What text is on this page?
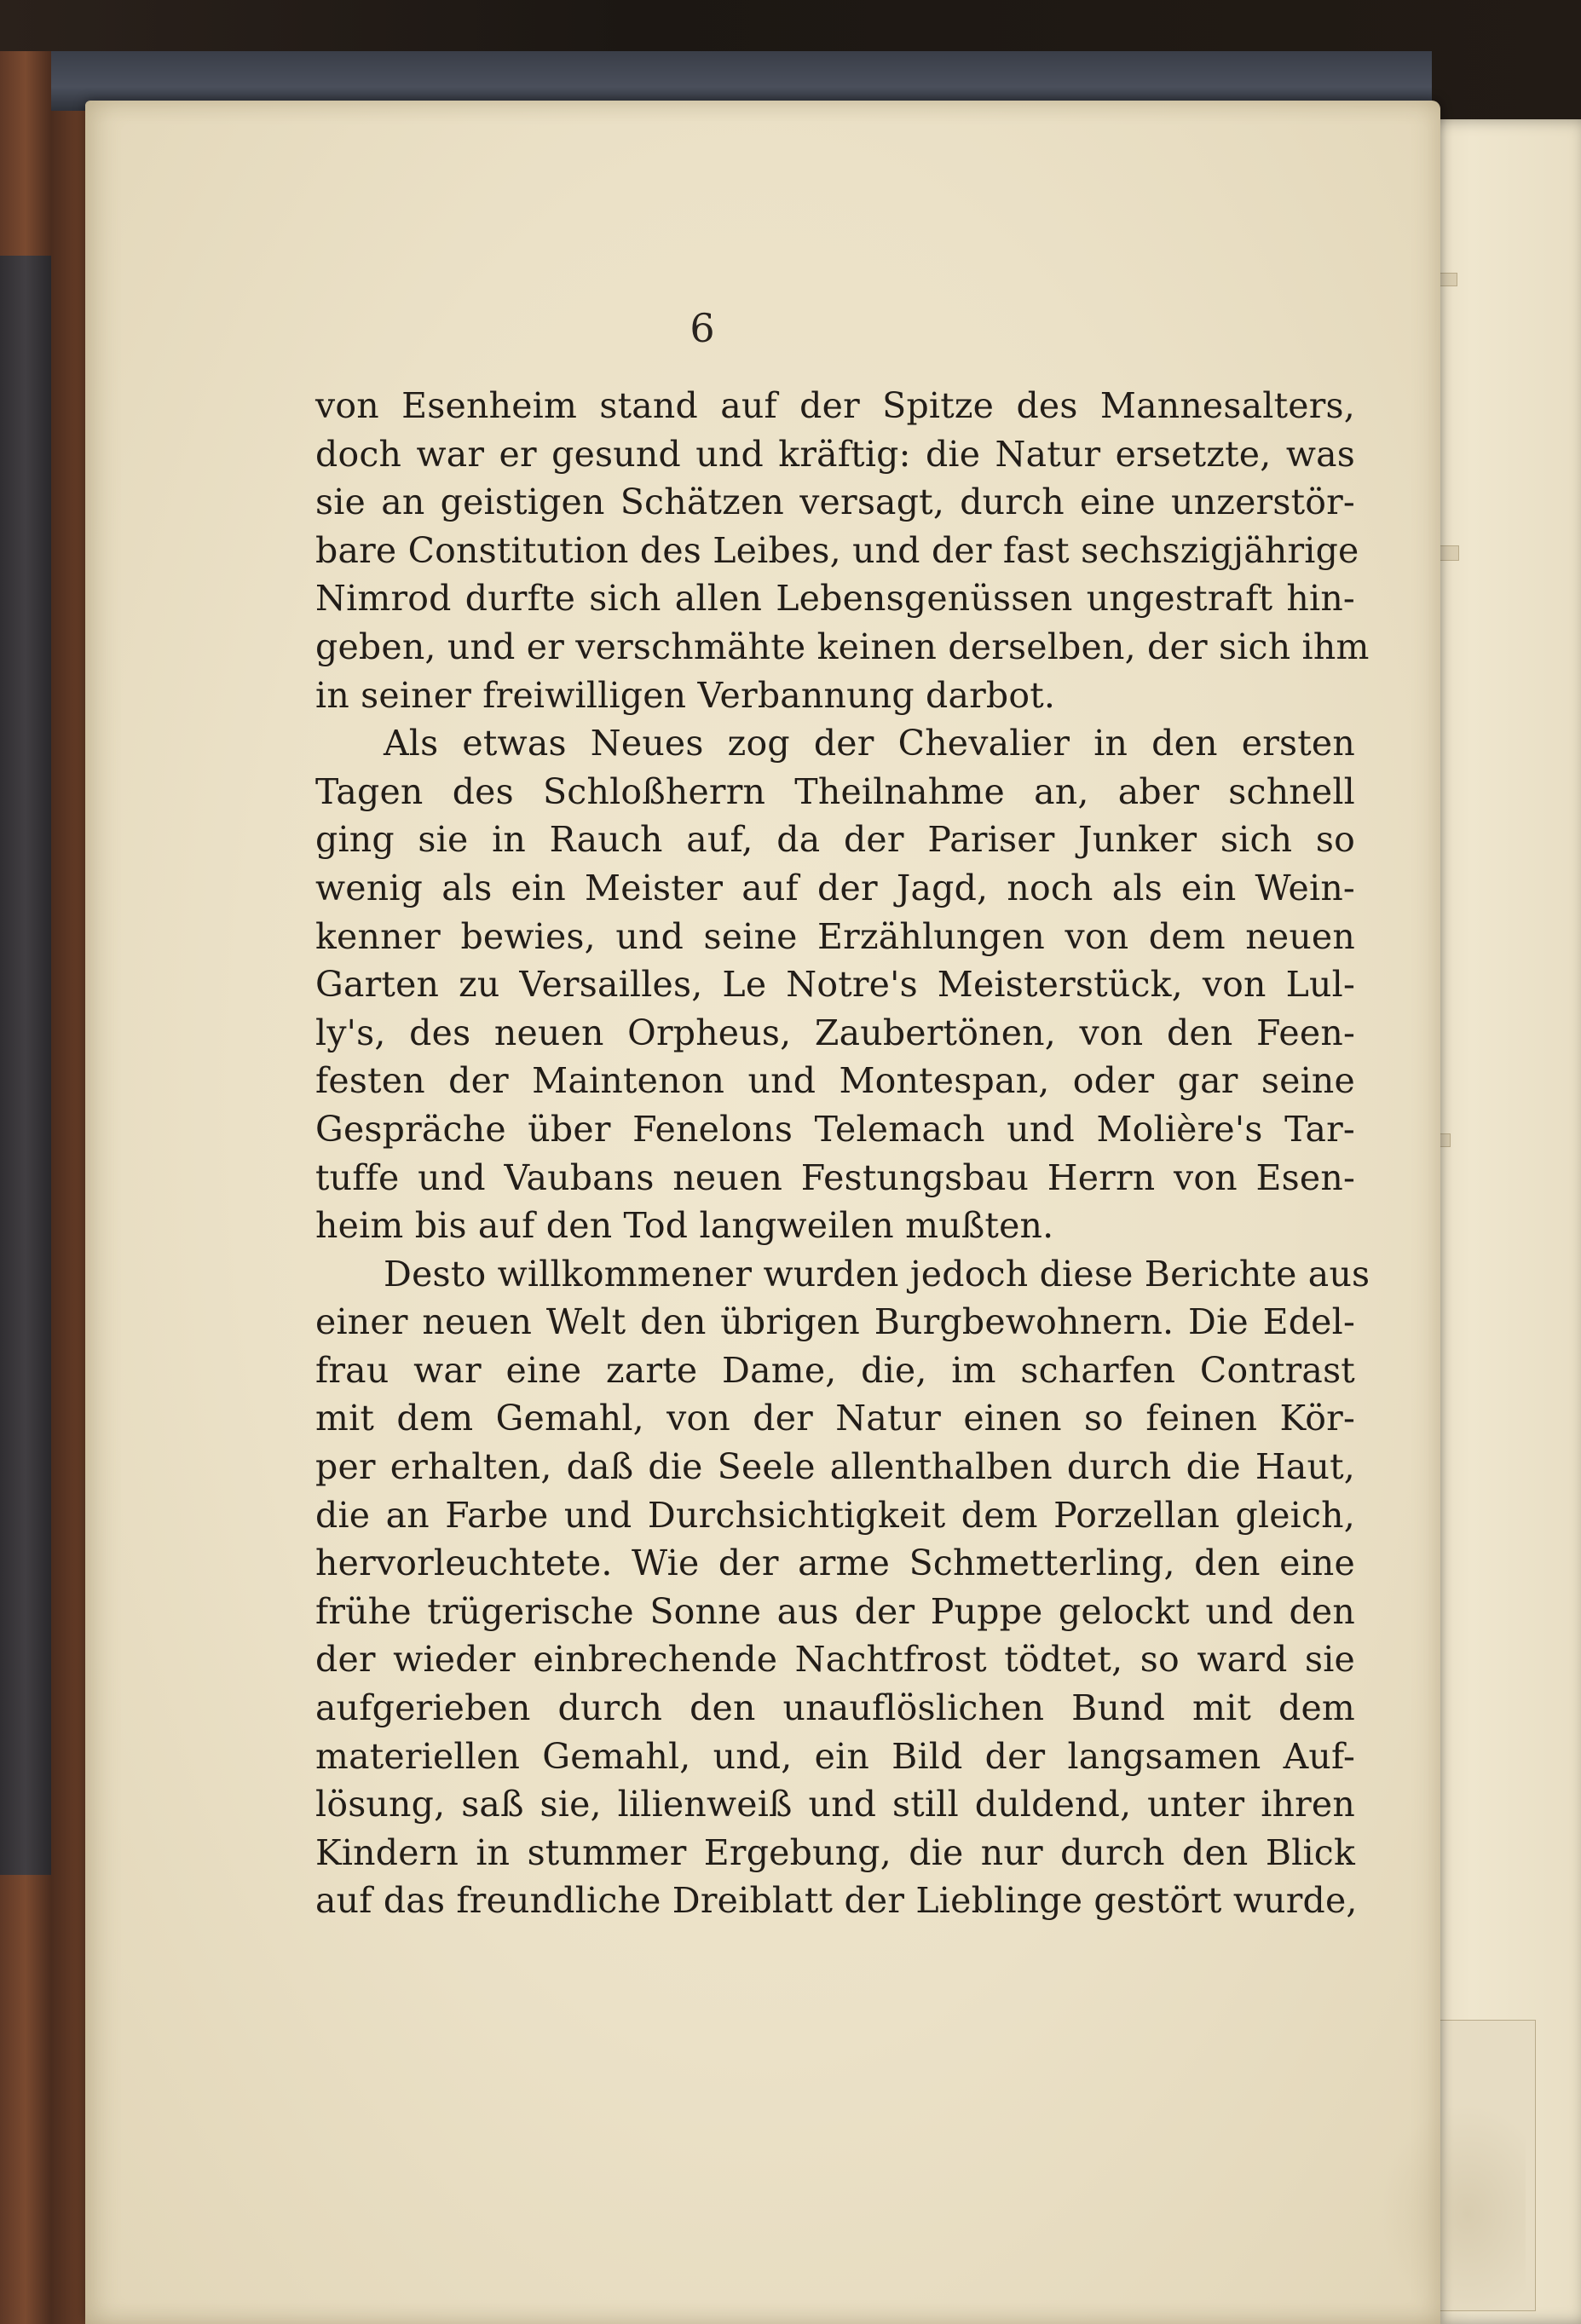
6
von Esenheim stand auf der Spitze des Mannesalters,
doch war er gesund und kräftig: die Natur ersetzte, was
sie an geistigen Schätzen versagt, durch eine unzerstör-
bare Constitution des Leibes, und der fast sechszigjährige
Nimrod durfte sich allen Lebensgenüssen ungestraft hin-
geben, und er verschmähte keinen derselben, der sich ihm
in seiner freiwilligen Verbannung darbot.
Als etwas Neues zog der Chevalier in den ersten
Tagen des Schloßherrn Theilnahme an, aber schnell
ging sie in Rauch auf, da der Pariser Junker sich so
wenig als ein Meister auf der Jagd, noch als ein Wein-
kenner bewies, und seine Erzählungen von dem neuen
Garten zu Versailles, Le Notre's Meisterstück, von Lul-
ly's, des neuen Orpheus, Zaubertönen, von den Feen-
festen der Maintenon und Montespan, oder gar seine
Gespräche über Fenelons Telemach und Molière's Tar-
tuffe und Vaubans neuen Festungsbau Herrn von Esen-
heim bis auf den Tod langweilen mußten.
Desto willkommener wurden jedoch diese Berichte aus
einer neuen Welt den übrigen Burgbewohnern. Die Edel-
frau war eine zarte Dame, die, im scharfen Contrast
mit dem Gemahl, von der Natur einen so feinen Kör-
per erhalten, daß die Seele allenthalben durch die Haut,
die an Farbe und Durchsichtigkeit dem Porzellan gleich,
hervorleuchtete. Wie der arme Schmetterling, den eine
frühe trügerische Sonne aus der Puppe gelockt und den
der wieder einbrechende Nachtfrost tödtet, so ward sie
aufgerieben durch den unauflöslichen Bund mit dem
materiellen Gemahl, und, ein Bild der langsamen Auf-
lösung, saß sie, lilienweiß und still duldend, unter ihren
Kindern in stummer Ergebung, die nur durch den Blick
auf das freundliche Dreiblatt der Lieblinge gestört wurde,
